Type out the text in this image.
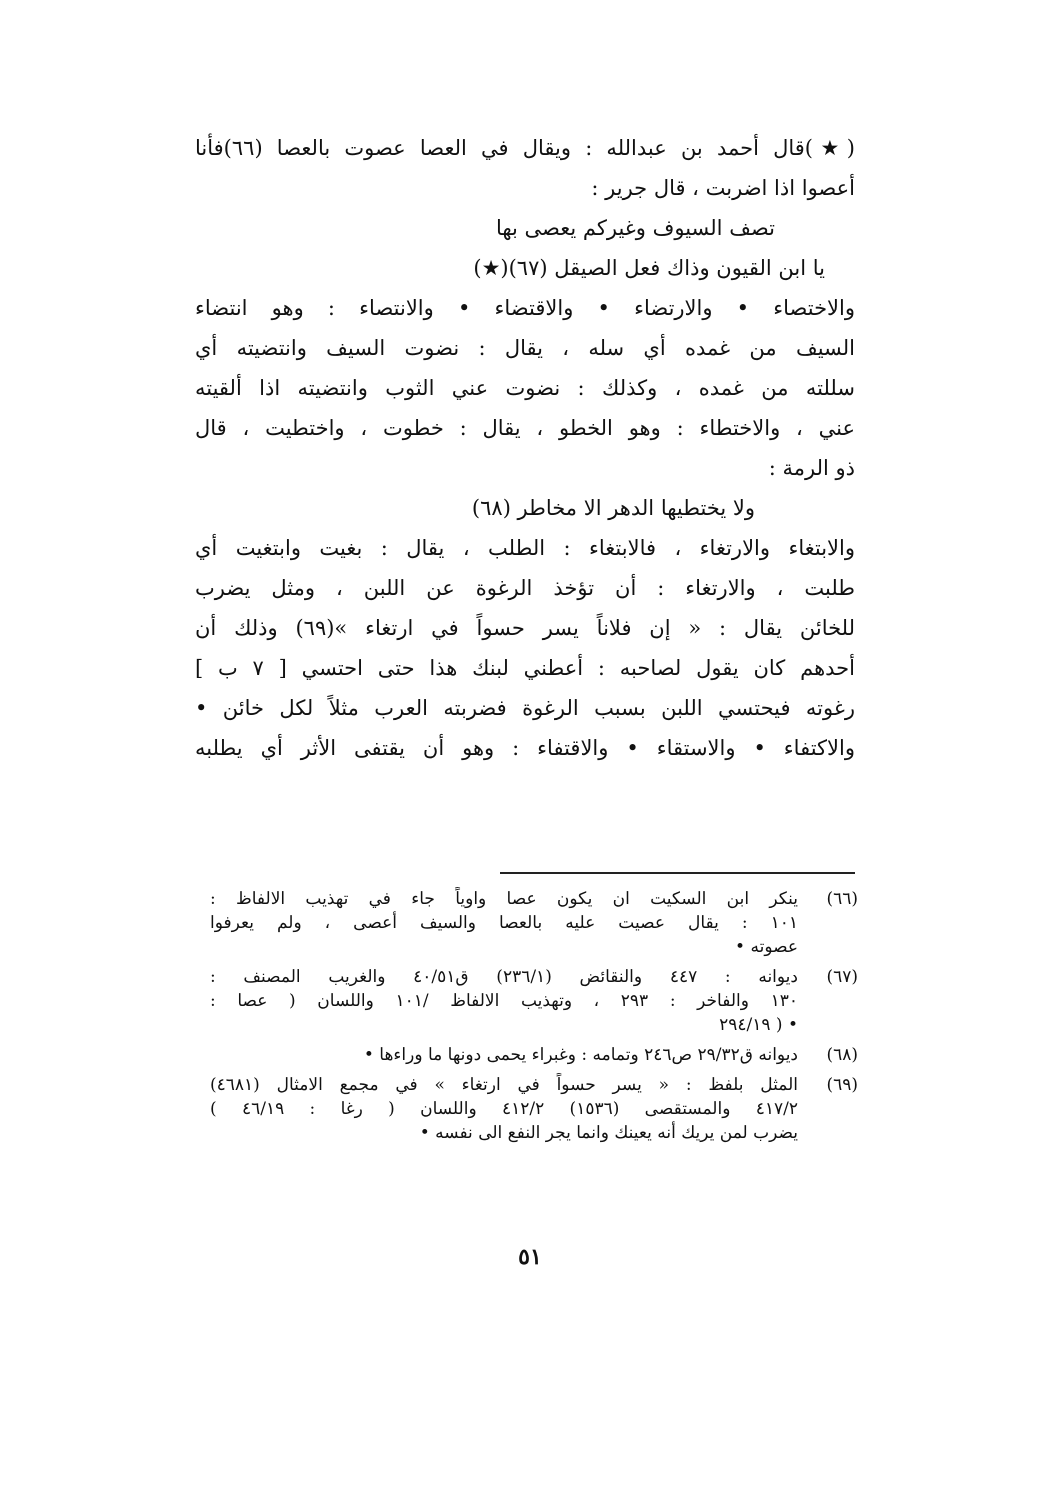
(★)قال أحمد بن عبدالله : ويقال في العصا عصوت بالعصا (٦٦)فأنا
أعصوا اذا اضربت ، قال جرير :
تصف السيوف وغيركم يعصى بها
يا ابن القيون وذاك فعل الصيقل (٦٧)(★)
والاختصاء • والارتضاء • والاقتضاء • والانتصاء : وهو انتضاء
السيف من غمده أي سله ، يقال : نضوت السيف وانتضيته أي
سللته من غمده ، وكذلك : نضوت عني الثوب وانتضيته اذا ألقيته
عني ، والاختطاء : وهو الخطو ، يقال : خطوت ، واختطيت ، قال
ذو الرمة :
ولا يختطيها الدهر الا مخاطر (٦٨)
والابتغاء والارتغاء ، فالابتغاء : الطلب ، يقال : بغيت وابتغيت أي
طلبت ، والارتغاء : أن تؤخذ الرغوة عن اللبن ، ومثل يضرب
للخائن يقال : « إن فلاناً يسر حسواً في ارتغاء »(٦٩) وذلك أن
أحدهم كان يقول لصاحبه : أعطني لبنك هذا حتى احتسي [ ٧ ب ]
رغوته فيحتسي اللبن بسبب الرغوة فضربته العرب مثلاً لكل خائن •
والاكتفاء • والاستقاء • والاقتفاء : وهو أن يقتفى الأثر أي يطلبه
(٦٦)
ينكر ابن السكيت ان يكون عصا واوياً جاء في تهذيب الالفاظ :
١٠١ : يقال عصيت عليه بالعصا والسيف أعصى ، ولم يعرفوا
عصوته •
(٦٧)
ديوانه : ٤٤٧ والنقائض (٢٣٦/١) ق٤٠/٥١ والغريب المصنف :
١٣٠ والفاخر : ٢٩٣ ، وتهذيب الالفاظ /١٠١ واللسان ( عصا :
• ( ٢٩٤/١٩
(٦٨)
ديوانه ق٢٩/٣٢ ص٢٤٦ وتمامه : وغبراء يحمى دونها ما وراءها •
(٦٩)
المثل بلفظ : « يسر حسواً في ارتغاء » في مجمع الامثال (٤٦٨١)
٤١٧/٢ والمستقصى (١٥٣٦) ٤١٢/٢ واللسان ( رغا : ٤٦/١٩ )
يضرب لمن يريك أنه يعينك وانما يجر النفع الى نفسه •
٥١
